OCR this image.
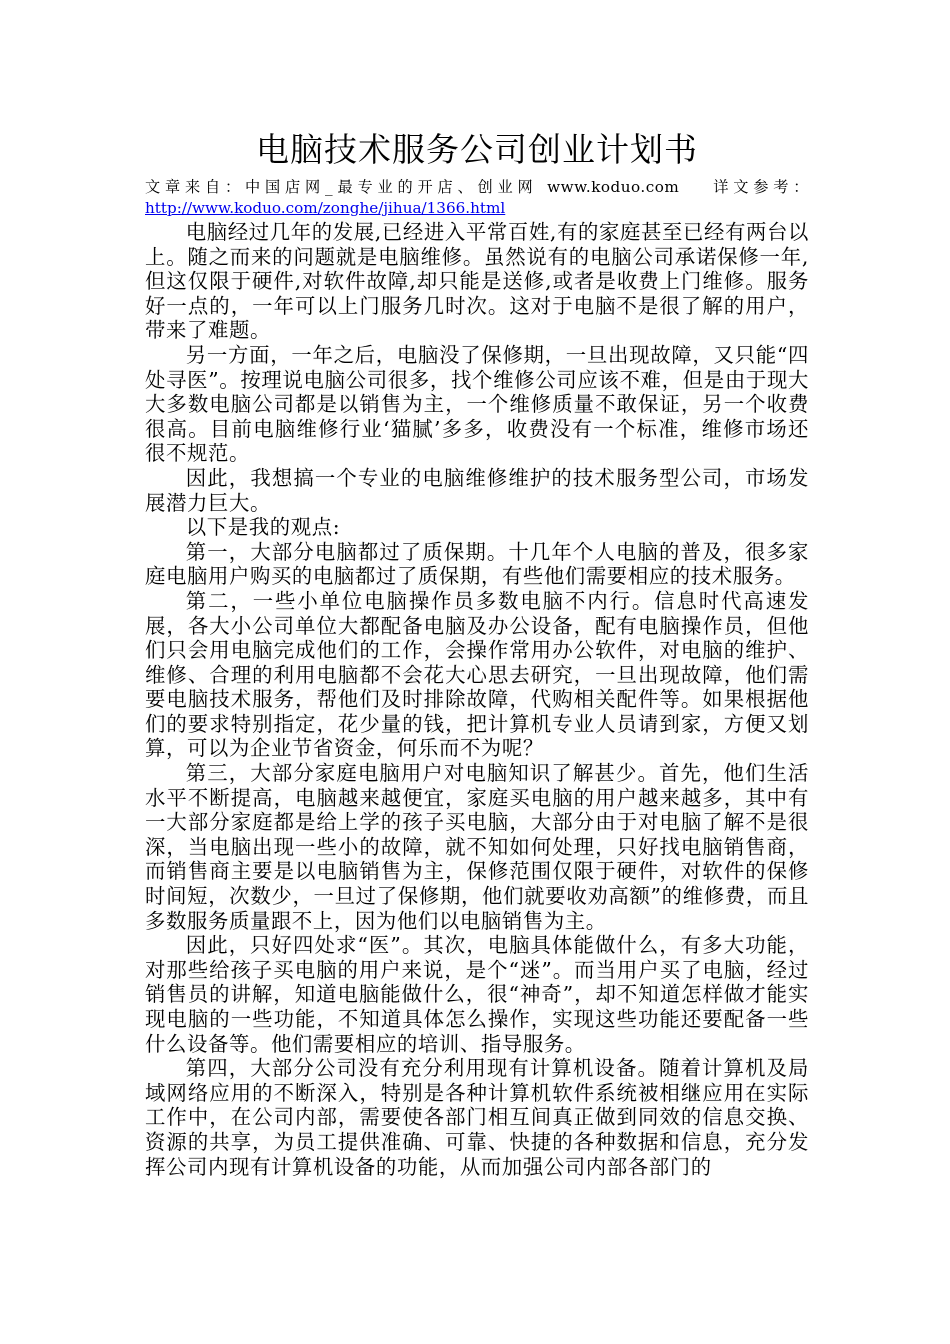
电脑技术服务公司创业计划书

文章来自：中国店网_最专业的开店、创业网 www.koduo.com　 详文参考：

http://www.koduo.com/zonghe/jihua/1366.html

电脑经过几年的发展,已经进入平常百姓,有的家庭甚至已经有两台以上。随之而来的问题就是电脑维修。虽然说有的电脑公司承诺保修一年,但这仅限于硬件,对软件故障,却只能是送修,或者是收费上门维修。服务好一点的，一年可以上门服务几时次。这对于电脑不是很了解的用户，带来了难题。

另一方面，一年之后，电脑没了保修期，一旦出现故障，又只能“四处寻医”。按理说电脑公司很多，找个维修公司应该不难，但是由于现大大多数电脑公司都是以销售为主，一个维修质量不敢保证，另一个收费很高。目前电脑维修行业‘猫腻’多多，收费没有一个标准，维修市场还很不规范。

因此，我想搞一个专业的电脑维修维护的技术服务型公司，市场发展潜力巨大。

以下是我的观点:

第一，大部分电脑都过了质保期。十几年个人电脑的普及，很多家庭电脑用户购买的电脑都过了质保期，有些他们需要相应的技术服务。

第二，一些小单位电脑操作员多数电脑不内行。信息时代高速发展，各大小公司单位大都配备电脑及办公设备，配有电脑操作员，但他们只会用电脑完成他们的工作，会操作常用办公软件，对电脑的维护、维修、合理的利用电脑都不会花大心思去研究，一旦出现故障，他们需要电脑技术服务，帮他们及时排除故障，代购相关配件等。如果根据他们的要求特别指定，花少量的钱，把计算机专业人员请到家，方便又划算，可以为企业节省资金，何乐而不为呢？

第三，大部分家庭电脑用户对电脑知识了解甚少。首先，他们生活水平不断提高，电脑越来越便宜，家庭买电脑的用户越来越多，其中有一大部分家庭都是给上学的孩子买电脑，大部分由于对电脑了解不是很深，当电脑出现一些小的故障，就不知如何处理，只好找电脑销售商，而销售商主要是以电脑销售为主，保修范围仅限于硬件，对软件的保修时间短，次数少，一旦过了保修期，他们就要收劝高额”的维修费，而且多数服务质量跟不上，因为他们以电脑销售为主。

因此，只好四处求“医”。其次，电脑具体能做什么，有多大功能，对那些给孩子买电脑的用户来说，是个“迷”。而当用户买了电脑，经过销售员的讲解，知道电脑能做什么，很“神奇”，却不知道怎样做才能实现电脑的一些功能，不知道具体怎么操作，实现这些功能还要配备一些什么设备等。他们需要相应的培训、指导服务。

第四，大部分公司没有充分利用现有计算机设备。随着计算机及局域网络应用的不断深入，特别是各种计算机软件系统被相继应用在实际工作中，在公司内部，需要使各部门相互间真正做到同效的信息交换、资源的共享，为员工提供准确、可靠、快捷的各种数据和信息，充分发挥公司内现有计算机设备的功能，从而加强公司内部各部门的
